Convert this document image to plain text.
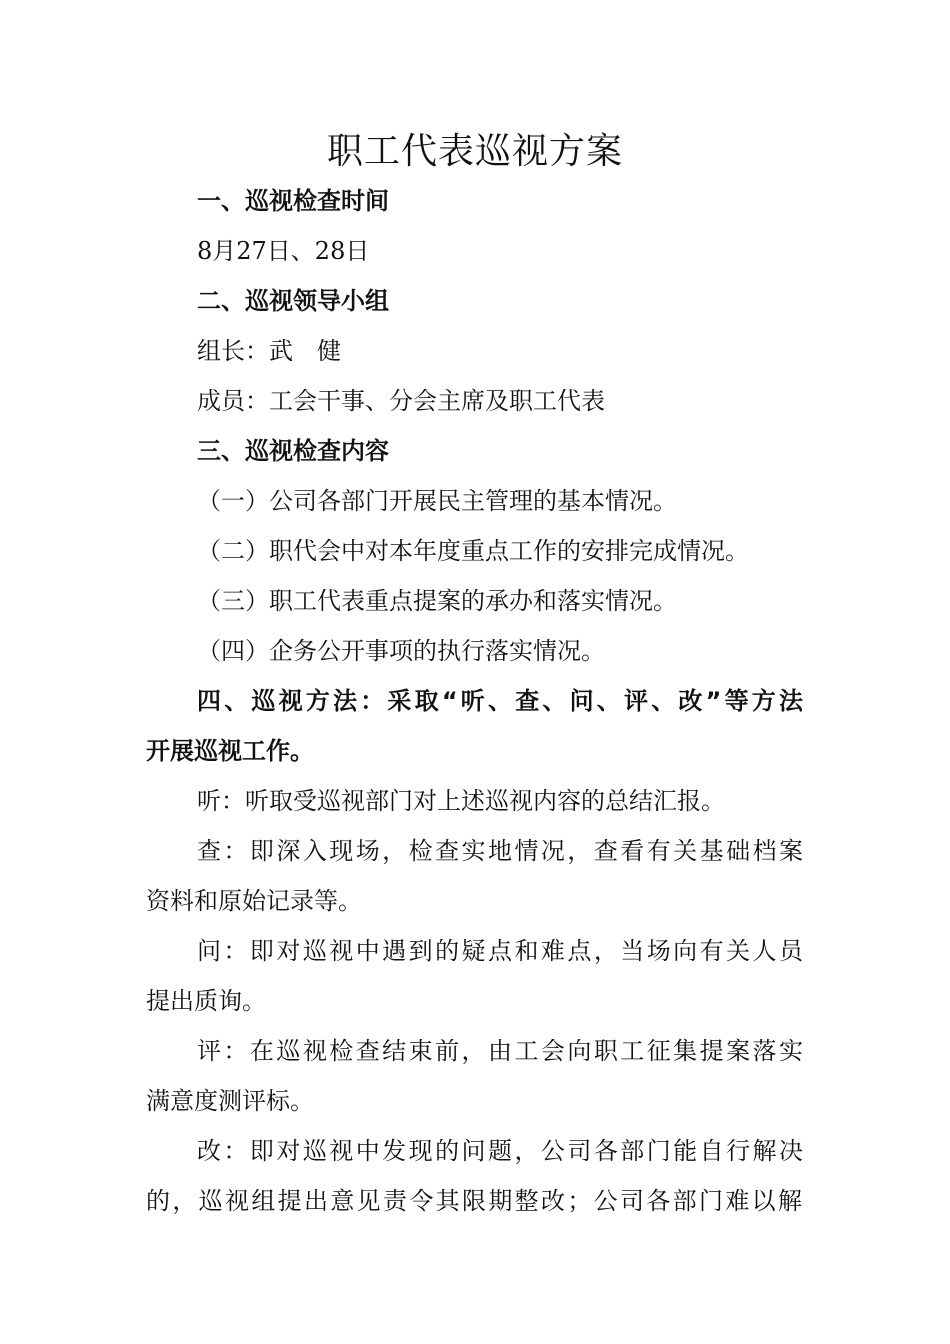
职工代表巡视方案
一、巡视检查时间
8月27日、28日
二、巡视领导小组
组长：武　健
成员：工会干事、分会主席及职工代表
三、巡视检查内容
（一）公司各部门开展民主管理的基本情况。
（二）职代会中对本年度重点工作的安排完成情况。
（三）职工代表重点提案的承办和落实情况。
（四）企务公开事项的执行落实情况。
四、巡视方法：采取“听、查、问、评、改”等方法
开展巡视工作。
听：听取受巡视部门对上述巡视内容的总结汇报。
查：即深入现场，检查实地情况，查看有关基础档案
资料和原始记录等。
问：即对巡视中遇到的疑点和难点，当场向有关人员
提出质询。
评：在巡视检查结束前，由工会向职工征集提案落实
满意度测评标。
改：即对巡视中发现的问题，公司各部门能自行解决
的，巡视组提出意见责令其限期整改；公司各部门难以解
